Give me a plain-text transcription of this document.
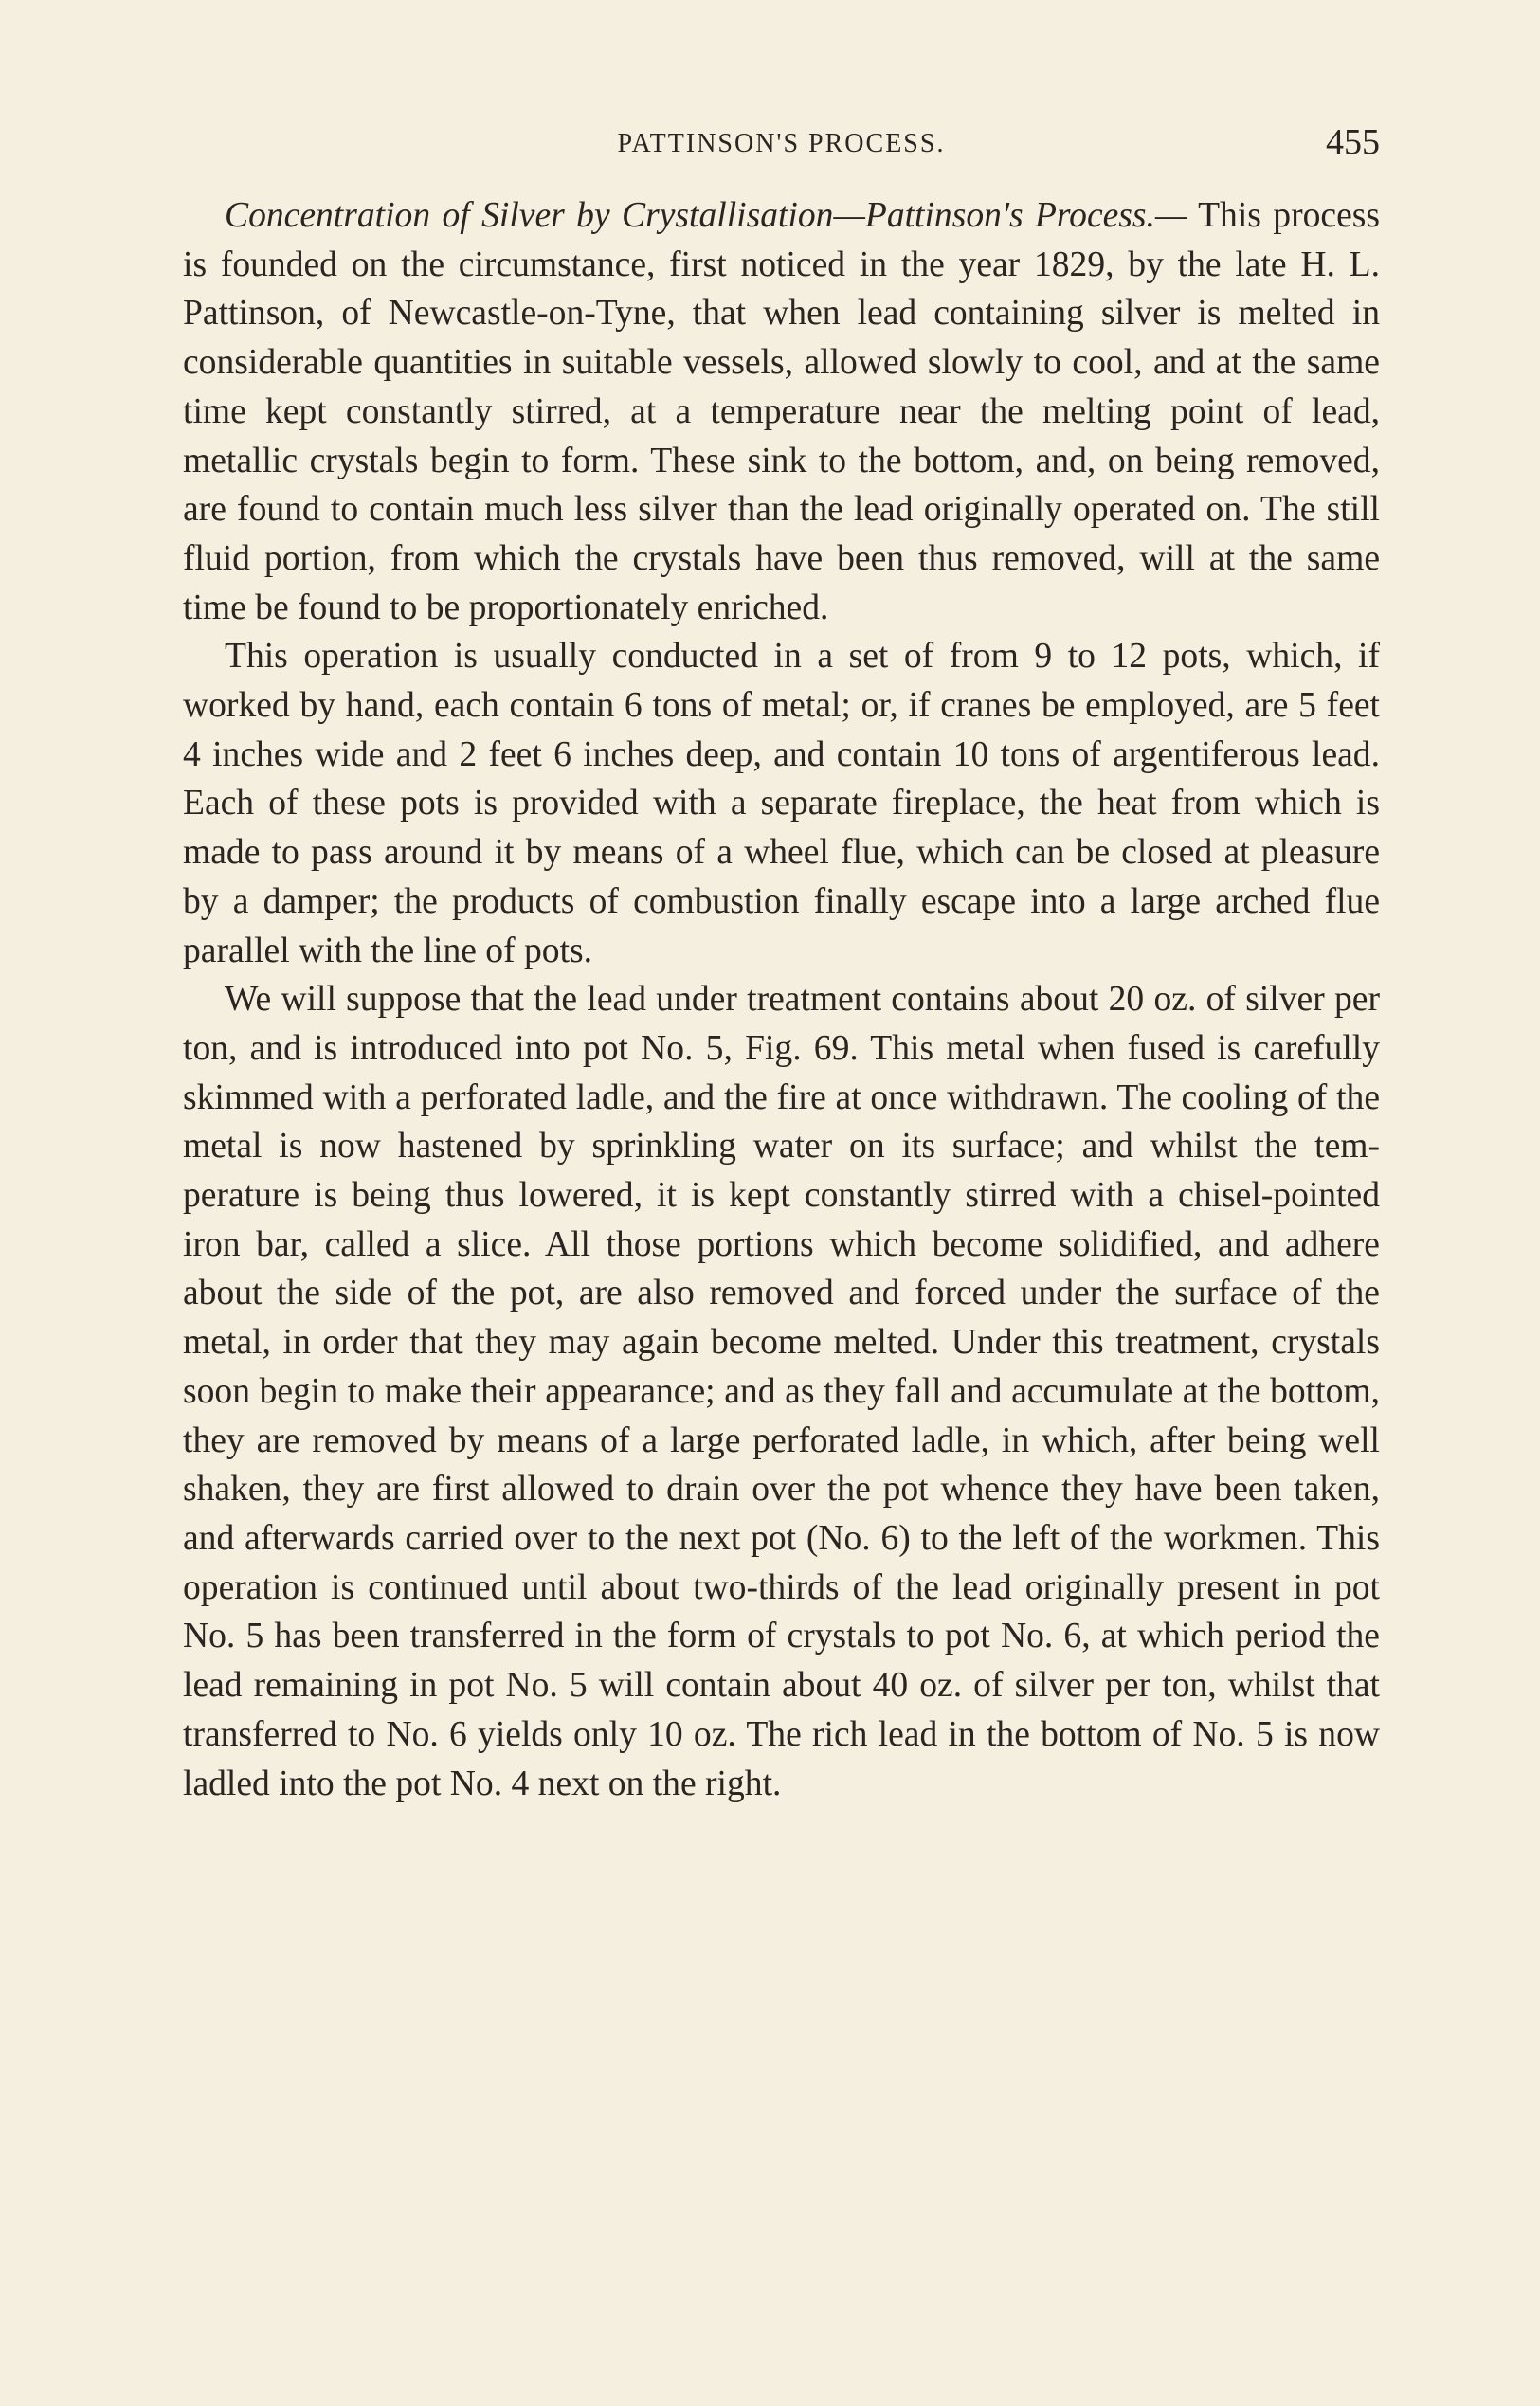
PATTINSON'S PROCESS.	455

Concentration of Silver by Crystallisation—Pattinson's Process.— This process is founded on the circumstance, first noticed in the year 1829, by the late H. L. Pattinson, of Newcastle-on-Tyne, that when lead containing silver is melted in considerable quantities in suitable vessels, allowed slowly to cool, and at the same time kept constantly stirred, at a temperature near the melting point of lead, metallic crystals begin to form. These sink to the bottom, and, on being removed, are found to contain much less silver than the lead originally operated on. The still fluid portion, from which the crystals have been thus removed, will at the same time be found to be proportionately enriched.

This operation is usually conducted in a set of from 9 to 12 pots, which, if worked by hand, each contain 6 tons of metal; or, if cranes be employed, are 5 feet 4 inches wide and 2 feet 6 inches deep, and contain 10 tons of argentiferous lead. Each of these pots is provided with a separate fireplace, the heat from which is made to pass around it by means of a wheel flue, which can be closed at pleasure by a damper; the products of combustion finally escape into a large arched flue parallel with the line of pots.

We will suppose that the lead under treatment contains about 20 oz. of silver per ton, and is introduced into pot No. 5, Fig. 69. This metal when fused is carefully skimmed with a perforated ladle, and the fire at once withdrawn. The cooling of the metal is now hastened by sprinkling water on its surface; and whilst the temperature is being thus lowered, it is kept constantly stirred with a chisel-pointed iron bar, called a slice. All those portions which become solidified, and adhere about the side of the pot, are also removed and forced under the surface of the metal, in order that they may again become melted. Under this treatment, crystals soon begin to make their appearance; and as they fall and accumulate at the bottom, they are removed by means of a large perforated ladle, in which, after being well shaken, they are first allowed to drain over the pot whence they have been taken, and afterwards carried over to the next pot (No. 6) to the left of the workmen. This operation is continued until about two-thirds of the lead originally present in pot No. 5 has been transferred in the form of crystals to pot No. 6, at which period the lead remaining in pot No. 5 will contain about 40 oz. of silver per ton, whilst that transferred to No. 6 yields only 10 oz. The rich lead in the bottom of No. 5 is now ladled into the pot No. 4 next on the right.
